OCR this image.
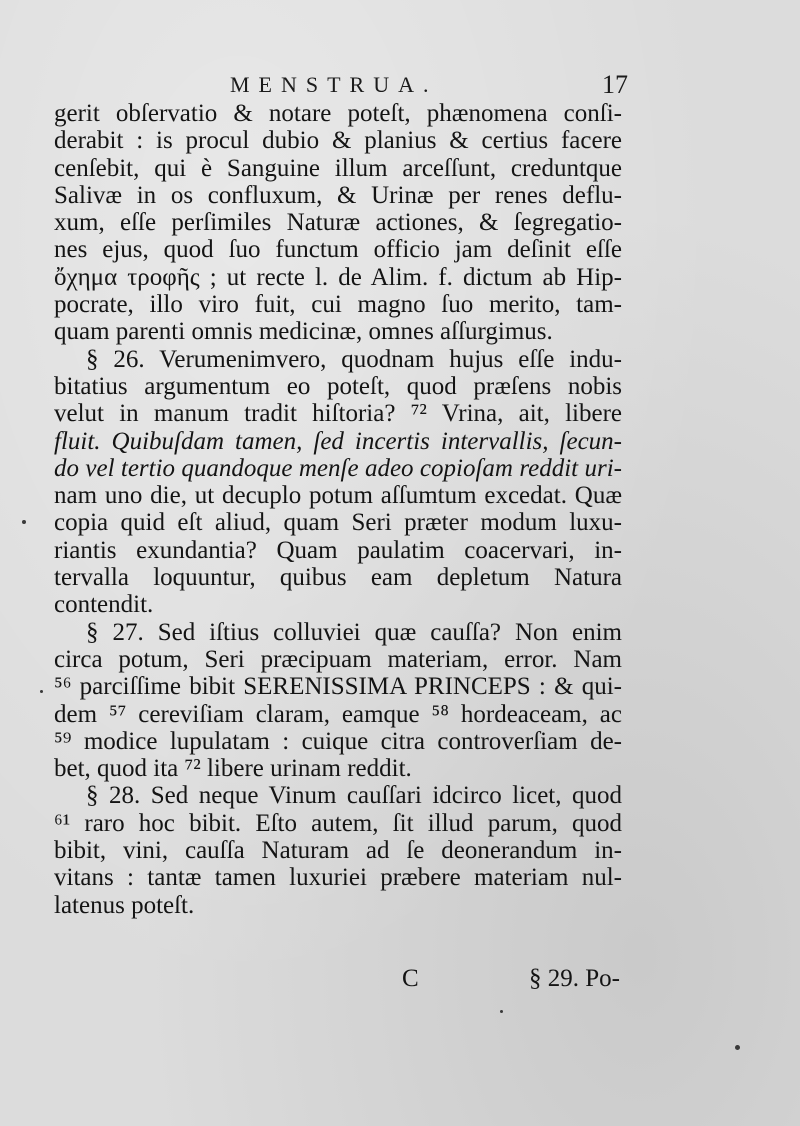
MENSTRUA.	17
gerit obſervatio & notare poteſt, phænomena conſi-
derabit : is procul dubio & planius & certius facere
cenſebit, qui è Sanguine illum arceſſunt, creduntque
Salivæ in os confluxum, & Urinæ per renes deflu-
xum, eſſe perſimiles Naturæ actiones, & ſegregatio-
nes ejus, quod ſuo functum officio jam deſinit eſſe
ὄχημα τροφῆς ; ut recte l. de Alim. f. dictum ab Hip-
pocrate, illo viro fuit, cui magno ſuo merito, tam-
quam parenti omnis medicinæ, omnes aſſurgimus.
§ 26. Verumenimvero, quodnam hujus eſſe indu-
bitatius argumentum eo poteſt, quod præſens nobis
velut in manum tradit hiſtoria? ⁷² Vrina, ait, libere
fluit. Quibuſdam tamen, ſed incertis intervallis, ſecun-
do vel tertio quandoque menſe adeo copioſam reddit uri-
nam uno die, ut decuplo potum aſſumtum excedat. Quæ
copia quid eſt aliud, quam Seri præter modum luxu-
riantis exundantia? Quam paulatim coacervari, in-
tervalla loquuntur, quibus eam depletum Natura
contendit.
§ 27. Sed iſtius colluviei quæ cauſſa? Non enim
circa potum, Seri præcipuam materiam, error. Nam
⁵⁶ parciſſime bibit SERENISSIMA PRINCEPS : & qui-
dem ⁵⁷ cereviſiam claram, eamque ⁵⁸ hordeaceam, ac
⁵⁹ modice lupulatam : cuique citra controverſiam de-
bet, quod ita ⁷² libere urinam reddit.
§ 28. Sed neque Vinum cauſſari idcirco licet, quod
⁶¹ raro hoc bibit. Eſto autem, ſit illud parum, quod
bibit, vini, cauſſa Naturam ad ſe deonerandum in-
vitans : tantæ tamen luxuriei præbere materiam nul-
latenus poteſt.
C	§ 29. Po-
